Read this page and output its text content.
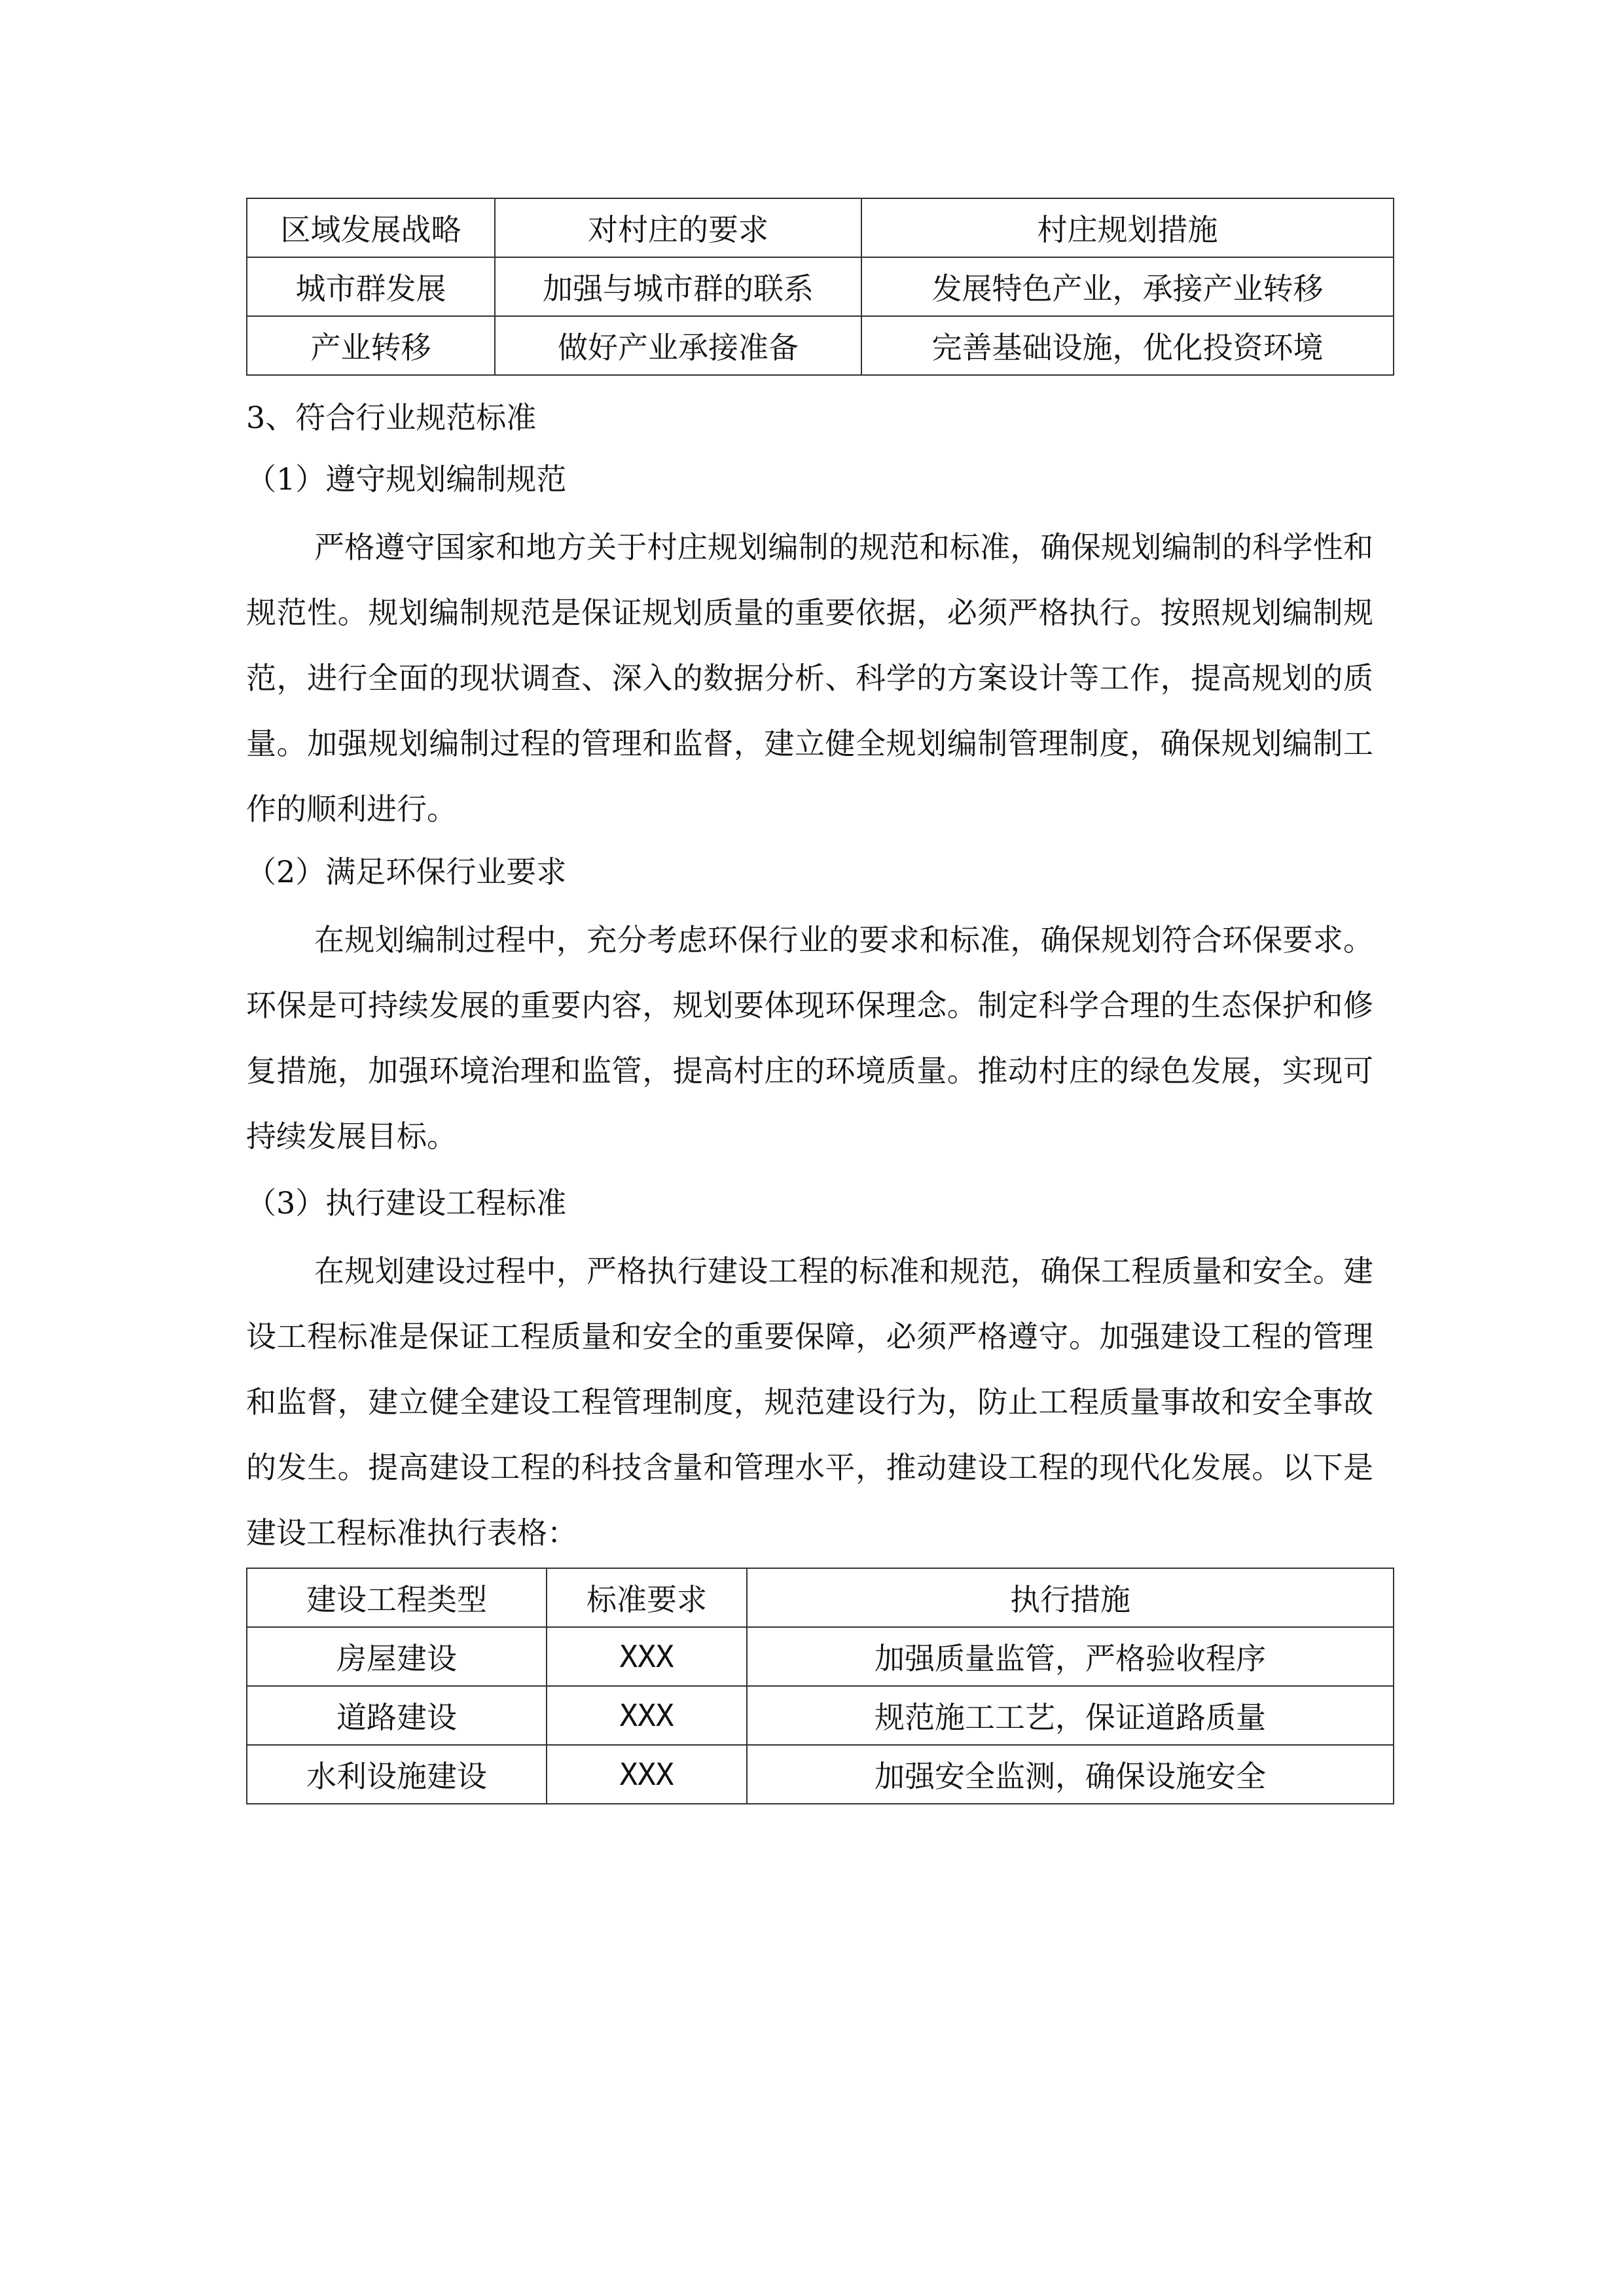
区域发展战略	对村庄的要求	村庄规划措施
城市群发展	加强与城市群的联系	发展特色产业，承接产业转移
产业转移	做好产业承接准备	完善基础设施，优化投资环境
3、符合行业规范标准
（1）遵守规划编制规范

严格遵守国家和地方关于村庄规划编制的规范和标准，确保规划编制的科学性和规范性。规划编制规范是保证规划质量的重要依据，必须严格执行。按照规划编制规范，进行全面的现状调查、深入的数据分析、科学的方案设计等工作，提高规划的质量。加强规划编制过程的管理和监督，建立健全规划编制管理制度，确保规划编制工作的顺利进行。

（2）满足环保行业要求

在规划编制过程中，充分考虑环保行业的要求和标准，确保规划符合环保要求。环保是可持续发展的重要内容，规划要体现环保理念。制定科学合理的生态保护和修复措施，加强环境治理和监管，提高村庄的环境质量。推动村庄的绿色发展，实现可持续发展目标。

（3）执行建设工程标准

在规划建设过程中，严格执行建设工程的标准和规范，确保工程质量和安全。建设工程标准是保证工程质量和安全的重要保障，必须严格遵守。加强建设工程的管理和监督，建立健全建设工程管理制度，规范建设行为，防止工程质量事故和安全事故的发生。提高建设工程的科技含量和管理水平，推动建设工程的现代化发展。以下是建设工程标准执行表格：

建设工程类型	标准要求	执行措施
房屋建设	XXX	加强质量监管，严格验收程序
道路建设	XXX	规范施工工艺，保证道路质量
水利设施建设	XXX	加强安全监测，确保设施安全
